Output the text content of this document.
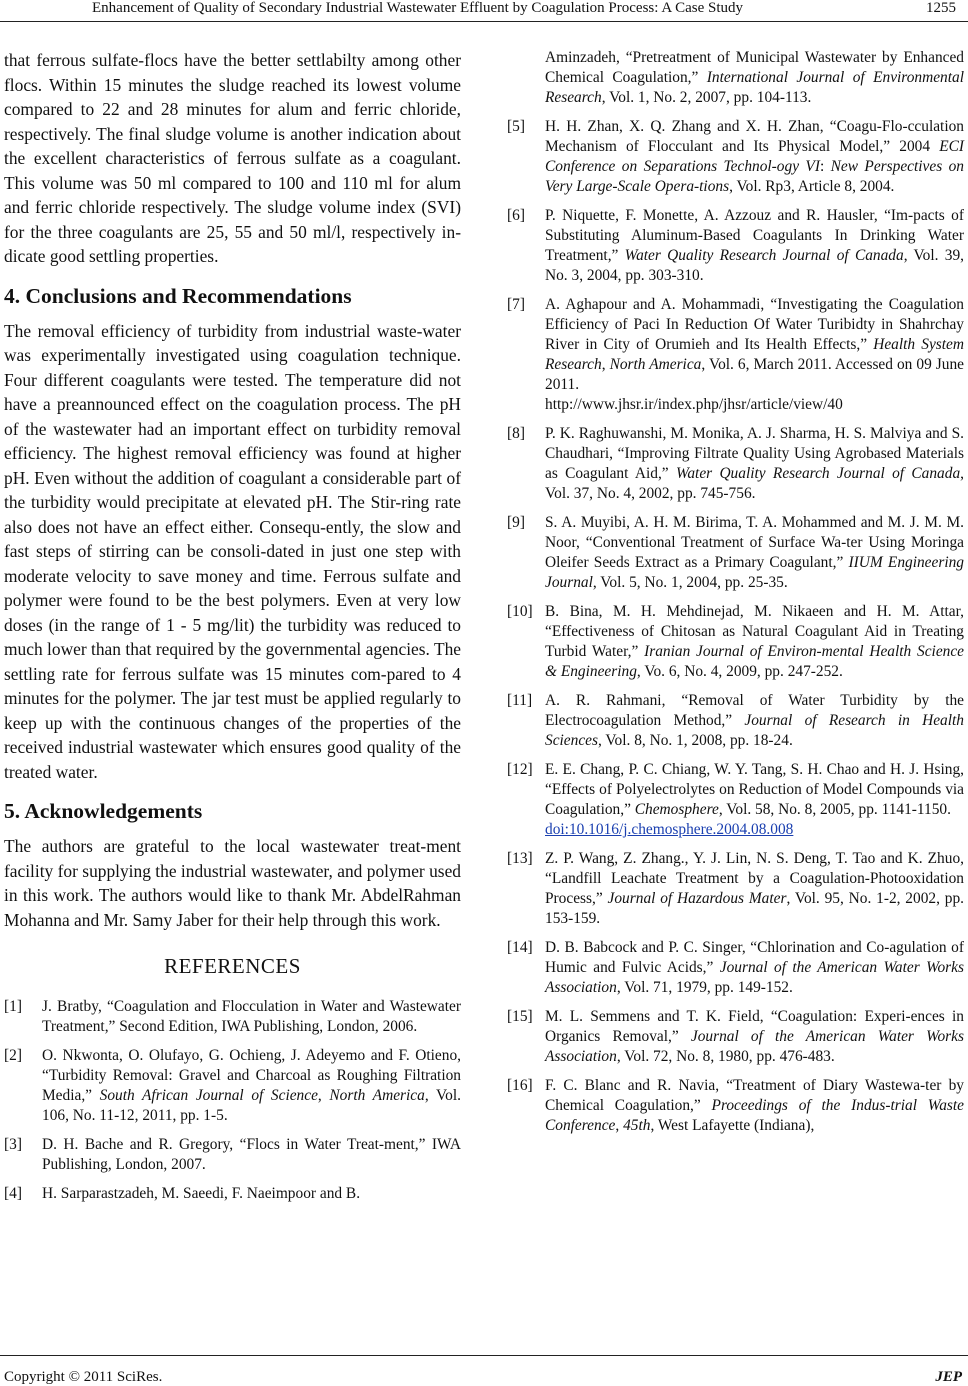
Enhancement of Quality of Secondary Industrial Wastewater Effluent by Coagulation Process: A Case Study	1255

that ferrous sulfate-flocs have the better settlabilty among other flocs. Within 15 minutes the sludge reached its lowest volume compared to 22 and 28 minutes for alum and ferric chloride, respectively. The final sludge volume is another indication about the excellent characteristics of ferrous sulfate as a coagulant. This volume was 50 ml compared to 100 and 110 ml for alum and ferric chloride respectively. The sludge volume index (SVI) for the three coagulants are 25, 55 and 50 ml/l, respectively in-dicate good settling properties.

4. Conclusions and Recommendations

The removal efficiency of turbidity from industrial waste-water was experimentally investigated using coagulation technique. Four different coagulants were tested. The temperature did not have a preannounced effect on the coagulation process. The pH of the wastewater had an important effect on turbidity removal efficiency. The highest removal efficiency was found at higher pH. Even without the addition of coagulant a considerable part of the turbidity would precipitate at elevated pH. The Stir-ring rate also does not have an effect either. Consequ-ently, the slow and fast steps of stirring can be consoli-dated in just one step with moderate velocity to save money and time. Ferrous sulfate and polymer were found to be the best polymers. Even at very low doses (in the range of 1 - 5 mg/lit) the turbidity was reduced to much lower than that required by the governmental agencies. The settling rate for ferrous sulfate was 15 minutes com-pared to 4 minutes for the polymer. The jar test must be applied regularly to keep up with the continuous changes of the properties of the received industrial wastewater which ensures good quality of the treated water.

5. Acknowledgements

The authors are grateful to the local wastewater treat-ment facility for supplying the industrial wastewater, and polymer used in this work. The authors would like to thank Mr. AbdelRahman Mohanna and Mr. Samy Jaber for their help through this work.

REFERENCES
[1] J. Bratby, “Coagulation and Flocculation in Water and Wastewater Treatment,” Second Edition, IWA Publishing, London, 2006.
[2] O. Nkwonta, O. Olufayo, G. Ochieng, J. Adeyemo and F. Otieno, “Turbidity Removal: Gravel and Charcoal as Roughing Filtration Media,” South African Journal of Science, North America, Vol. 106, No. 11-12, 2011, pp. 1-5.
[3] D. H. Bache and R. Gregory, “Flocs in Water Treat-ment,” IWA Publishing, London, 2007.
[4] H. Sarparastzadeh, M. Saeedi, F. Naeimpoor and B.
Aminzadeh, “Pretreatment of Municipal Wastewater by Enhanced Chemical Coagulation,” International Journal of Environmental Research, Vol. 1, No. 2, 2007, pp. 104-113.
[5] H. H. Zhan, X. Q. Zhang and X. H. Zhan, “Coagu-Flo-cculation Mechanism of Flocculant and Its Physical Model,” 2004 ECI Conference on Separations Technol-ogy VI: New Perspectives on Very Large-Scale Opera-tions, Vol. Rp3, Article 8, 2004.
[6] P. Niquette, F. Monette, A. Azzouz and R. Hausler, “Im-pacts of Substituting Aluminum-Based Coagulants In Drinking Water Treatment,” Water Quality Research Journal of Canada, Vol. 39, No. 3, 2004, pp. 303-310.
[7] A. Aghapour and A. Mohammadi, “Investigating the Coagulation Efficiency of Paci In Reduction Of Water Turibidty in Shahrchay River in City of Orumieh and Its Health Effects,” Health System Research, North America, Vol. 6, March 2011. Accessed on 09 June 2011.
http://www.jhsr.ir/index.php/jhsr/article/view/40
[8] P. K. Raghuwanshi, M. Monika, A. J. Sharma, H. S. Malviya and S. Chaudhari, “Improving Filtrate Quality Using Agrobased Materials as Coagulant Aid,” Water Quality Research Journal of Canada, Vol. 37, No. 4, 2002, pp. 745-756.
[9] S. A. Muyibi, A. H. M. Birima, T. A. Mohammed and M. J. M. M. Noor, “Conventional Treatment of Surface Wa-ter Using Moringa Oleifer Seeds Extract as a Primary Coagulant,” IIUM Engineering Journal, Vol. 5, No. 1, 2004, pp. 25-35.
[10] B. Bina, M. H. Mehdinejad, M. Nikaeen and H. M. Attar, “Effectiveness of Chitosan as Natural Coagulant Aid in Treating Turbid Water,” Iranian Journal of Environ-mental Health Science & Engineering, Vo. 6, No. 4, 2009, pp. 247-252.
[11] A. R. Rahmani, “Removal of Water Turbidity by the Electrocoagulation Method,” Journal of Research in Health Sciences, Vol. 8, No. 1, 2008, pp. 18-24.
[12] E. E. Chang, P. C. Chiang, W. Y. Tang, S. H. Chao and H. J. Hsing, “Effects of Polyelectrolytes on Reduction of Model Compounds via Coagulation,” Chemosphere, Vol. 58, No. 8, 2005, pp. 1141-1150.
doi:10.1016/j.chemosphere.2004.08.008
[13] Z. P. Wang, Z. Zhang., Y. J. Lin, N. S. Deng, T. Tao and K. Zhuo, “Landfill Leachate Treatment by a Coagulation-Photooxidation Process,” Journal of Hazardous Mater, Vol. 95, No. 1-2, 2002, pp. 153-159.
[14] D. B. Babcock and P. C. Singer, “Chlorination and Co-agulation of Humic and Fulvic Acids,” Journal of the American Water Works Association, Vol. 71, 1979, pp. 149-152.
[15] M. L. Semmens and T. K. Field, “Coagulation: Experi-ences in Organics Removal,” Journal of the American Water Works Association, Vol. 72, No. 8, 1980, pp. 476-483.
[16] F. C. Blanc and R. Navia, “Treatment of Diary Wastewa-ter by Chemical Coagulation,” Proceedings of the Indus-trial Waste Conference, 45th, West Lafayette (Indiana),
Copyright © 2011 SciRes.	JEP
